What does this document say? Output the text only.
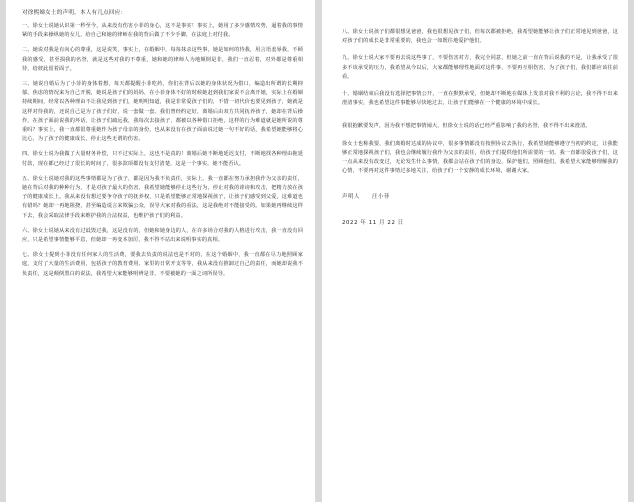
对徐熙娣女士的声明，本人有几点回应：

一、徐女士说她认识第一秒至今，从来没有伤害小菲的身心，这不是事实！事实上，她用了多少感情攻势，逼着我的事情紧的手段来操纵她的女儿，给自己和她的律师在我的背后做了不少手脚，在法庭上对付我。

二、她说对我是有向心的尊重，这是说笑，事实上，在婚姻中，每每抹杀这些事，她是如何的待我，用言语羞辱我，不顾我的感受，甚至损我的名誉，就是这些对我的不尊重，她和她的律师人为地颠倒是非，我们一直忍着，对外都是尊重相待，给彼此留着面子。

三、她说自婚后为了小菲的身体着想，每天都提醒小菲吃药，你们在背后以她的身体状况为借口，编造出所谓的长期抑郁、焦虑的情况来为自己开脱，她说是孩子们的妈妈，在小菲身体不好的时候她赶到我们家说不会离开她，实际上在婚姻持续期间，经常以各种理由不让我见到孩子们，她明明知道，我是非常爱孩子们的，不惜一切代价也要见到孩子，她就是这样对待我的，还说自己是为了孩子们好，说一套做一套。我们曾经约定好，离婚后由双方共同抚养孩子，她却在背后操作，在孩子面前说我的坏话，让孩子们疏远我，我每次去接孩子，都被以各种借口拒绝，这样的行为难道就是她所说的尊重吗？事实上，我一直都很尊重她作为孩子母亲的身份，也从来没有在孩子面前说过她一句不好的话，我希望她能够将心比心，为了孩子的健康成长，停止这些无谓的伤害。

四、徐女士说为我做了大量财务补偿，只不过实际上，这也不是真的！离婚后她不断地延迟支付，不断地找各种理由拖延付款，现在都已经过了很长的时间了，很多款项都没有支付清楚，这是一个事实，她不能否认。

五、徐女士说她对我的这些事情都是为了孩子，都是因为我不负责任，实际上，我一直都在努力承担我作为父亲的责任，她在背后对我的种种行为，才是对孩子最大的伤害，我希望她能够停止这些行为，停止对我的诽谤和攻击，把精力放在孩子的健康成长上。我从来没有想过要争夺孩子的抚养权，只是希望能够正常地探视孩子，让孩子们感受到父爱，这难道也有错吗？她却一再地阻挠，甚至编造谎言来欺骗公众，误导大家对我的看法，这是我绝对不能接受的。如果她再继续这样下去，我会采取法律手段来维护我的合法权益，也维护孩子们的利益。

六、徐女士说她从来没有过诋毁过我，这是没有的，但她和她身边的人，在许多场合对我的人格进行攻击，我一直没有回应，只是希望事情能够平息，但她却一再变本加厉，我不得不站出来说明事实的真相。

七、徐女士提到小菲没有任何家人的生活费，要我去负责的说法也是不对的，在这个婚姻中，我一直都在尽力地照顾家庭，支付了大量的生活费用，包括孩子的教育费用、家里的日常开支等等，我从来没有推卸过自己的责任，而她却说我不负责任，这是颠倒黑白的说法，我希望大家能够明辨是非，不要被她的一面之词所误导。

八、徐女士说孩子们都很想见爸爸，我也很想见孩子们，但每次都被拒绝，我希望她能够让孩子们正常地见到爸爸，这对孩子们的成长是非常重要的，我也会一如既往地爱护他们。

九、徐女士说大家不要再去说这些事了，不要伤害对方，我完全同意，但她之前一直在背后说我的不是，让我承受了很多不该承受的压力，我希望从今以后，大家都能够理性地面对这件事，不要再互相伤害，为了孩子们，我们都应该往前看。

十、婚姻结束后我没有选择把事情公开，一直在默默承受，但她却不断地在媒体上发表对我不利的言论，我不得不出来澄清事实，我也希望这件事能够尽快地过去，让孩子们能够在一个健康的环境中成长。

我很抱歉要发声，因为我不想把事情闹大，但徐女士说的话已经严重影响了我的名誉，我不得不出来澄清。

徐女士也称我要，我们离婚时达成的协议中，很多事情都没有按照协议去执行，我希望她能够遵守当初的约定，让我能够正常地探视孩子们，我也会继续履行我作为父亲的责任，给孩子们提供他们所需要的一切。我一直都很爱孩子们，这一点从来没有改变过，无论发生什么事情，我都会站在孩子们的身边，保护他们，照顾他们。我希望大家能够理解我的心情，不要再对这件事情过多地关注，给孩子们一个安静的成长环境，谢谢大家。

声明人　　汪小菲
2022 年 11 月 22 日
